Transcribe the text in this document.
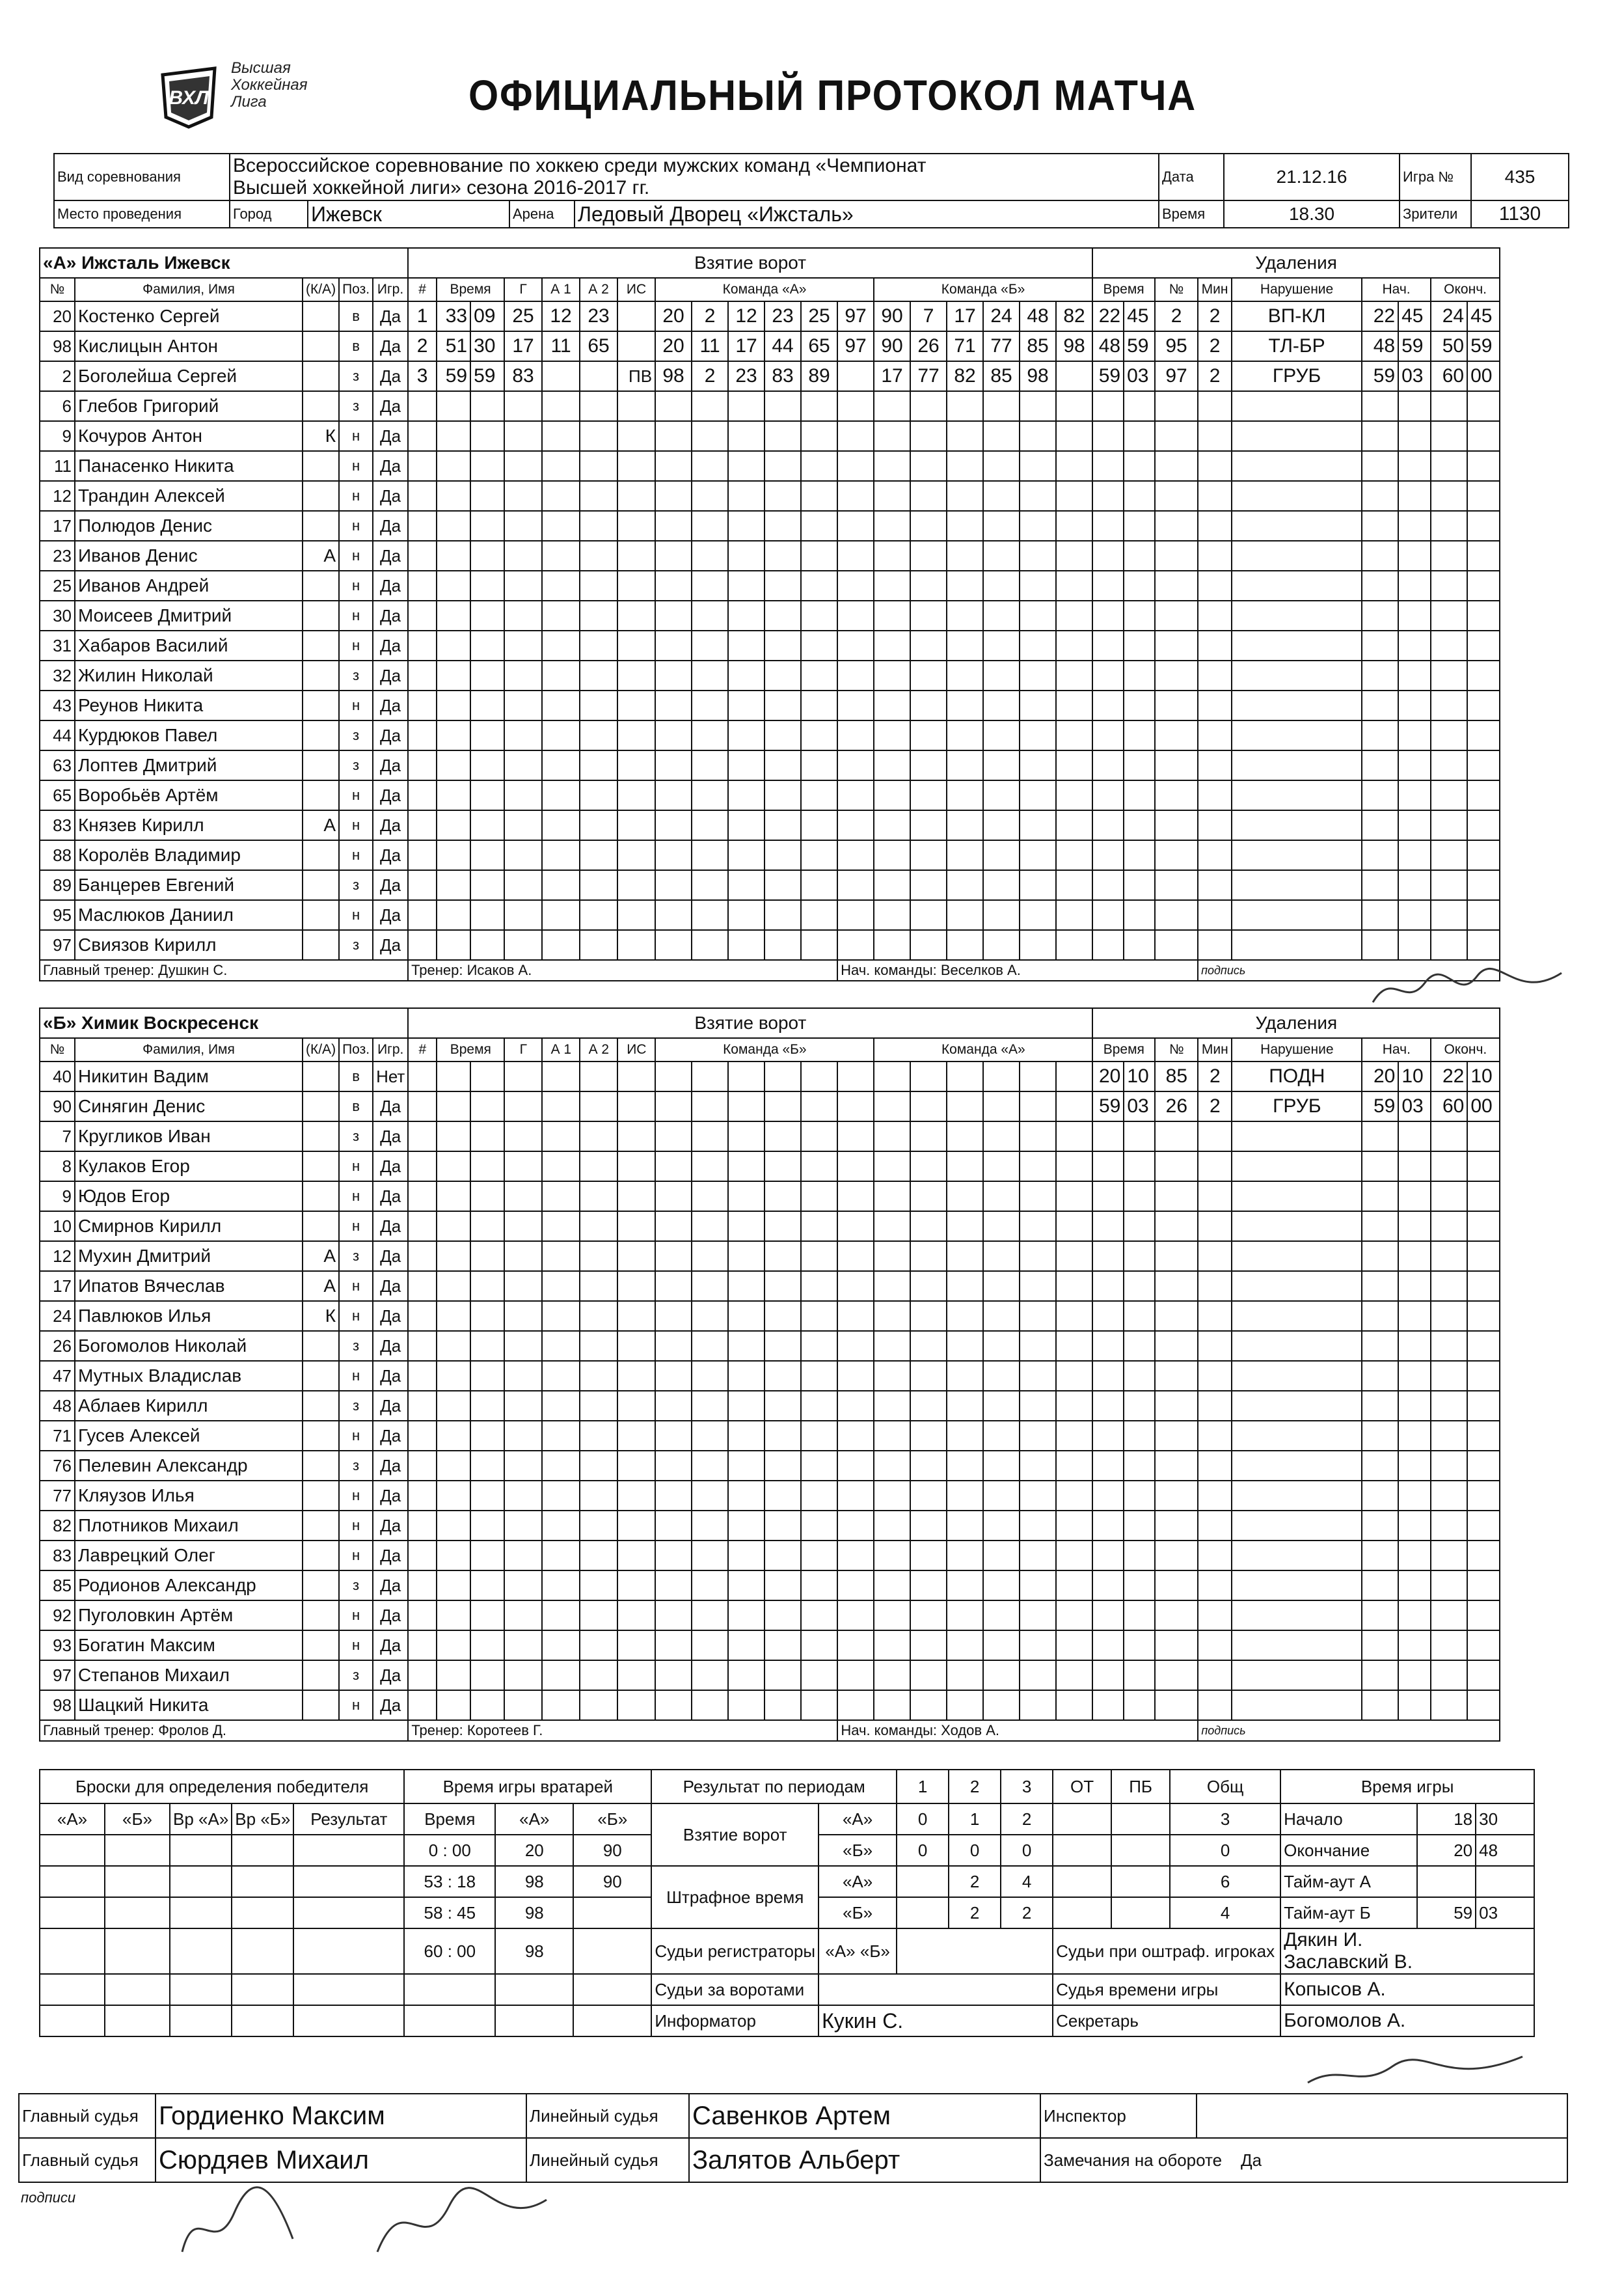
ВХЛ
Высшая
Хоккейная
Лига	ОФИЦИАЛЬНЫЙ ПРОТОКОЛ МАТЧА
Вид соревнования	Всероссийское соревнование по хоккею среди мужских команд «Чемпионат
Высшей хоккейной лиги» сезона 2016-2017 гг.				Дата	21.12.16	Игра №	435
Место проведения	Город	Ижевск	Арена	Ледовый Дворец «Ижсталь»	Время	18.30	Зрители	1130
«А» Ижсталь Ижевск					Взятие ворот																			Удаления								
№	Фамилия, Имя	(К/А)	Поз.	Игр.	#	Время		Г	А 1	А 2	ИС	Команда «А»						Команда «Б»						Время		№	Мин	Нарушение	Нач.		Оконч.	
20	Костенко Сергей		в	Да	1	33	09	25	12	23		20	2	12	23	25	97	90	7	17	24	48	82	22	45	2	2	ВП-КЛ	22	45	24	45
98	Кислицын Антон		в	Да	2	51	30	17	11	65		20	11	17	44	65	97	90	26	71	77	85	98	48	59	95	2	ТЛ-БР	48	59	50	59
2	Боголейша Сергей		з	Да	3	59	59	83			ПВ	98	2	23	83	89		17	77	82	85	98		59	03	97	2	ГРУБ	59	03	60	00
6	Глебов Григорий		з	Да																												
9	Кочуров Антон	К	н	Да																												
11	Панасенко Никита		н	Да																												
12	Трандин Алексей		н	Да																												
17	Полюдов Денис		н	Да																												
23	Иванов Денис	А	н	Да																												
25	Иванов Андрей		н	Да																												
30	Моисеев Дмитрий		н	Да																												
31	Хабаров Василий		н	Да																												
32	Жилин Николай		з	Да																												
43	Реунов Никита		н	Да																												
44	Курдюков Павел		з	Да																												
63	Лоптев Дмитрий		з	Да																												
65	Воробьёв Артём		н	Да																												
83	Князев Кирилл	А	н	Да																												
88	Королёв Владимир		н	Да																												
89	Банцерев Евгений		з	Да																												
95	Маслюков Даниил		н	Да																												
97	Свиязов Кирилл		з	Да																												
Главный тренер: Душкин С.					Тренер: Исаков А.												Нач. команды: Веселков А.										подпись					
«Б» Химик Воскресенск					Взятие ворот																			Удаления								
№	Фамилия, Имя	(К/А)	Поз.	Игр.	#	Время		Г	А 1	А 2	ИС	Команда «Б»						Команда «А»						Время		№	Мин	Нарушение	Нач.		Оконч.	
40	Никитин Вадим		в	Нет																				20	10	85	2	ПОДН	20	10	22	10
90	Синягин Денис		в	Да																				59	03	26	2	ГРУБ	59	03	60	00
7	Кругликов Иван		з	Да																												
8	Кулаков Егор		н	Да																												
9	Юдов Егор		н	Да																												
10	Смирнов Кирилл		н	Да																												
12	Мухин Дмитрий	А	з	Да																												
17	Ипатов Вячеслав	А	н	Да																												
24	Павлюков Илья	К	н	Да																												
26	Богомолов Николай		з	Да																												
47	Мутных Владислав		н	Да																												
48	Аблаев Кирилл		з	Да																												
71	Гусев Алексей		н	Да																												
76	Пелевин Александр		з	Да																												
77	Кляузов Илья		н	Да																												
82	Плотников Михаил		н	Да																												
83	Лаврецкий Олег		н	Да																												
85	Родионов Александр		з	Да																												
92	Пуголовкин Артём		н	Да																												
93	Богатин Максим		н	Да																												
97	Степанов Михаил		з	Да																												
98	Шацкий Никита		н	Да																												
Главный тренер: Фролов Д.					Тренер: Коротеев Г.												Нач. команды: Ходов А.										подпись					
Броски для определения победителя					Время игры вратарей			Результат по периодам		1	2	3	ОТ	ПБ	Общ	Время игры		
«А»	«Б»	Вр «А»	Вр «Б»	Результат	Время	«А»	«Б»	Взятие ворот	«А»	0	1	2			3	Начало	18	30
					0 : 00	20	90		«Б»	0	0	0			0	Окончание	20	48
					53 : 18	98	90	Штрафное время	«А»		2	4			6	Тайм-аут А		
					58 : 45	98			«Б»		2	2			4	Тайм-аут Б	59	03
					60 : 00	98		Судьи регистраторы	«А» «Б»				Судьи при оштраф. игроках			Дякин И.
Заславский В.		
								Судьи за воротами					Судья времени игры			Копысов А.		
								Информатор	Кукин С.				Секретарь			Богомолов А.		
Главный судья	Гордиенко Максим	Линейный судья	Савенков Артем	Инспектор	
Главный судья	Сюрдяев Михаил	Линейный судья	Залятов Альберт	Замечания на обороте Да	
подписи
